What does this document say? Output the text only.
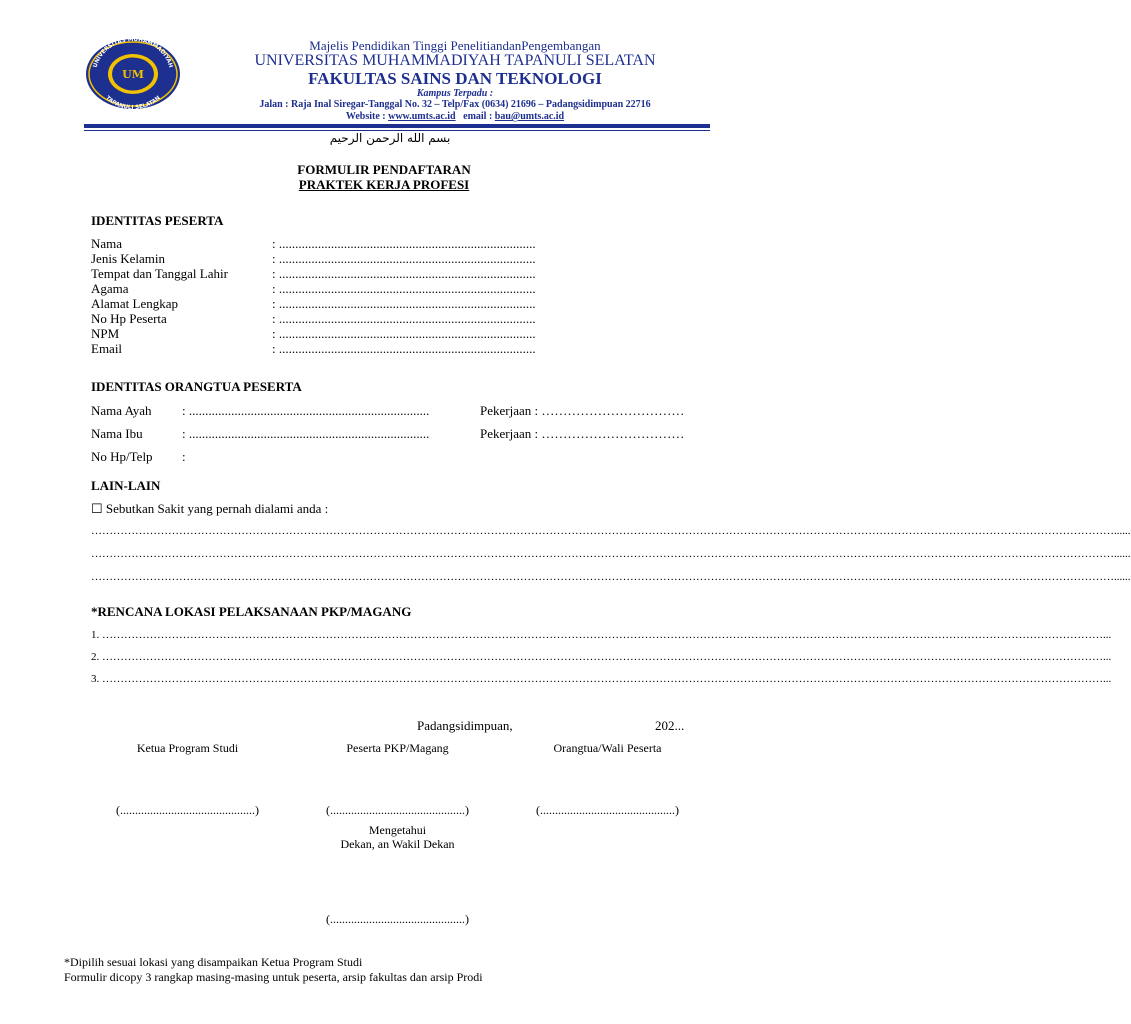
UNIVERSITAS MUHAMMADIYAH
TAPANULI SELATAN
UM
Majelis Pendidikan Tinggi PenelitiandanPengembangan
UNIVERSITAS MUHAMMADIYAH TAPANULI SELATAN
FAKULTAS SAINS DAN TEKNOLOGI
Kampus Terpadu :
Jalan : Raja Inal Siregar-Tanggal No. 32 – Telp/Fax (0634) 21696 – Padangsidimpuan 22716
Website : www.umts.ac.id email : bau@umts.ac.id
بسم الله الرحمن الرحيم
FORMULIR PENDAFTARAN
PRAKTEK KERJA PROFESI
IDENTITAS PESERTA
Nama	: ...............................................................................
Jenis Kelamin	: ...............................................................................
Tempat dan Tanggal Lahir	: ...............................................................................
Agama	: ...............................................................................
Alamat Lengkap	: ...............................................................................
No Hp Peserta	: ...............................................................................
NPM	: ...............................................................................
Email	: ...............................................................................
IDENTITAS ORANGTUA PESERTA
Nama Ayah : ..........................................................................	Pekerjaan : ……………………………
Nama Ibu	: ..........................................................................	Pekerjaan : ……………………………
No Hp/Telp :
LAIN-LAIN
☐ Sebutkan Sakit yang pernah dialami anda :
………………………………………………………………………………………………………………………………………………………………………………………………………………………………………………………......
………………………………………………………………………………………………………………………………………………………………………………………………………………………………………………………......
………………………………………………………………………………………………………………………………………………………………………………………………………………………………………………………......
*RENCANA LOKASI PELAKSANAAN PKP/MAGANG
1. …………………………………………………………………………………………………………………………………………………………………………………………………………………………………………………...
2. …………………………………………………………………………………………………………………………………………………………………………………………………………………………………………………...
3. …………………………………………………………………………………………………………………………………………………………………………………………………………………………………………………...
Padangsidimpuan,	202...
Ketua Program Studi	Peserta PKP/Magang	Orangtua/Wali Peserta
(.............................................)	(.............................................)	(.............................................)
Mengetahui
Dekan, an Wakil Dekan
(.............................................)
*Dipilih sesuai lokasi yang disampaikan Ketua Program Studi
Formulir dicopy 3 rangkap masing-masing untuk peserta, arsip fakultas dan arsip Prodi
